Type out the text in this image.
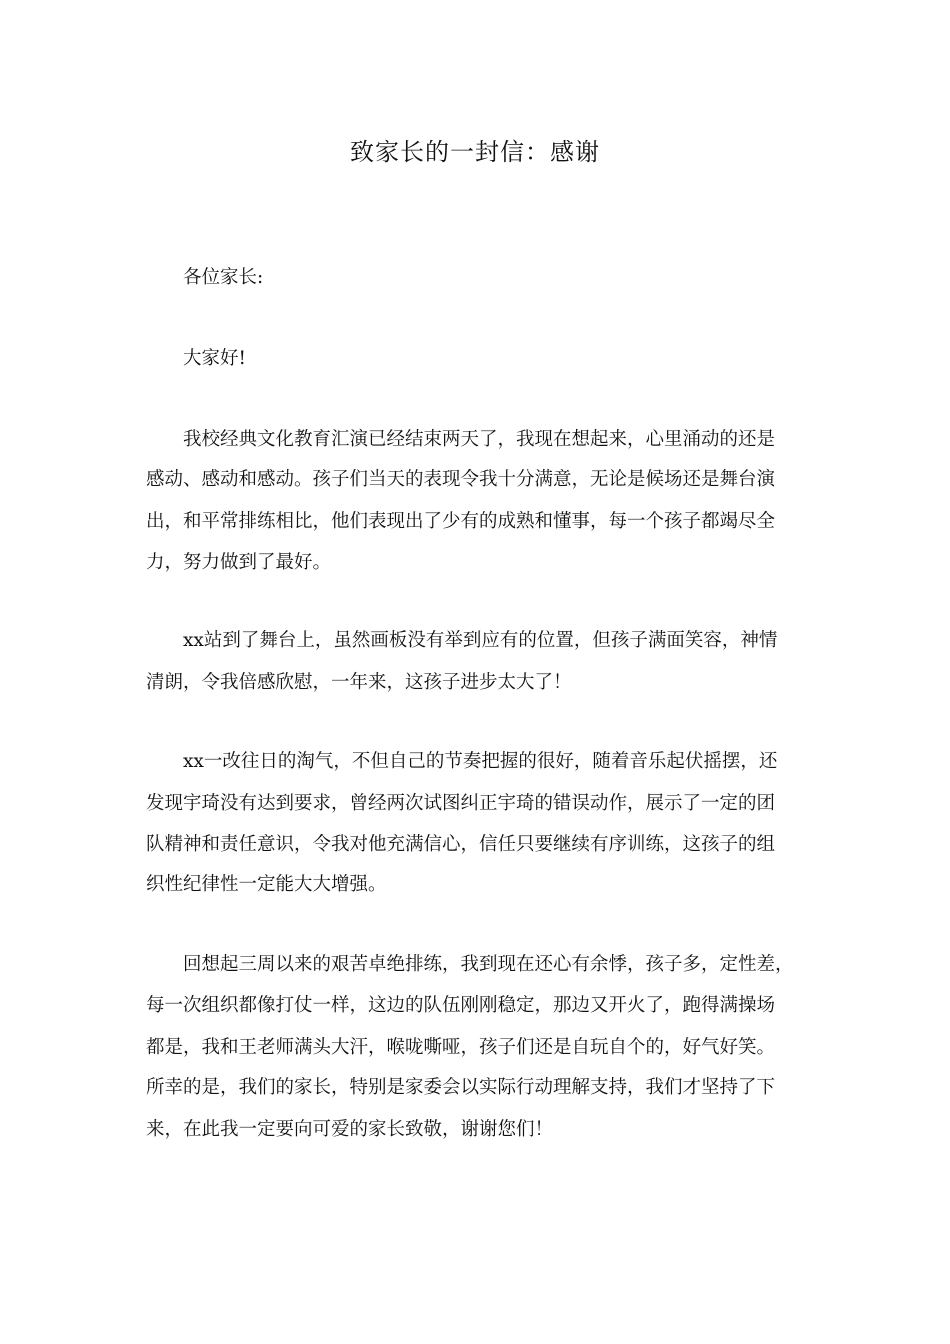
致家长的一封信：感谢
各位家长:
大家好!
我校经典文化教育汇演已经结束两天了，我现在想起来，心里涌动的还是
感动、感动和感动。孩子们当天的表现令我十分满意，无论是候场还是舞台演
出，和平常排练相比，他们表现出了少有的成熟和懂事，每一个孩子都竭尽全
力，努力做到了最好。
xx站到了舞台上，虽然画板没有举到应有的位置，但孩子满面笑容，神情
清朗，令我倍感欣慰，一年来，这孩子进步太大了！
xx一改往日的淘气，不但自己的节奏把握的很好，随着音乐起伏摇摆，还
发现宇琦没有达到要求，曾经两次试图纠正宇琦的错误动作，展示了一定的团
队精神和责任意识，令我对他充满信心，信任只要继续有序训练，这孩子的组
织性纪律性一定能大大增强。
回想起三周以来的艰苦卓绝排练，我到现在还心有余悸，孩子多，定性差，
每一次组织都像打仗一样，这边的队伍刚刚稳定，那边又开火了，跑得满操场
都是，我和王老师满头大汗，喉咙嘶哑，孩子们还是自玩自个的，好气好笑。
所幸的是，我们的家长，特别是家委会以实际行动理解支持，我们才坚持了下
来，在此我一定要向可爱的家长致敬，谢谢您们！
